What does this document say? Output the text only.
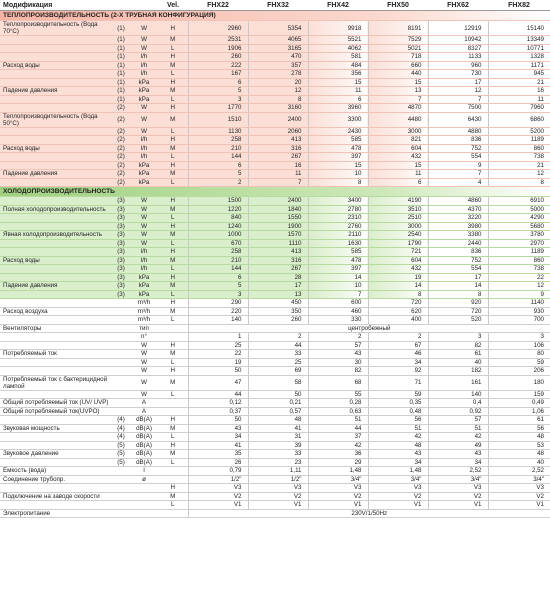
Модификация			Vel.	FHX22	FHX32	FHX42	FHX50	FHX62	FHX82
ТЕПЛОПРОИЗВОДИТЕЛЬНОСТЬ (2-Х ТРУБНАЯ КОНФИГУРАЦИЯ)									
Теплопроизводительность (Вода 70°C)	(1)	W	H	2960	5354	9918	8191	12919	15140
	(1)	W	M	2531	4065	5521	7529	10942	13349
	(1)	W	L	1906	3165	4062	5021	8327	10771
	(1)	l/h	H	260	470	581	718	1133	1328
Расход воды	(1)	l/h	M	222	357	484	660	960	1171
	(1)	l/h	L	167	278	356	440	730	945
	(1)	kPa	H	6	20	15	15	17	21
Падение давления	(1)	kPa	M	5	12	11	13	12	16
	(1)	kPa	L	3	8	6	7	7	11
	(2)	W	H	1770	3160	3960	4870	7500	7960
Теплопроизводительность (Вода 50°C)	(2)	W	M	1510	2400	3300	4480	6430	6860
	(2)	W	L	1130	2060	2430	3000	4880	5200
	(2)	l/h	H	258	413	585	821	836	1189
Расход воды	(2)	l/h	M	210	316	478	604	752	860
	(2)	l/h	L	144	267	397	432	554	738
	(2)	kPa	H	6	16	15	15	9	21
Падение давления	(2)	kPa	M	5	11	10	11	7	12
	(2)	kPa	L	2	7	8	6	4	8
ХОЛОДОПРОИЗВОДИТЕЛЬНОСТЬ									
	(3)	W	H	1500	2400	3400	4190	4860	6910
Полная холодопроизводительность	(3)	W	M	1220	1840	2780	3510	4370	5000
	(3)	W	L	840	1550	2310	2510	3220	4290
	(3)	W	H	1240	1900	2760	3000	3980	5680
Явная холодопроизводительность	(3)	W	M	1000	1570	2110	2540	3380	3780
	(3)	W	L	670	1110	1630	1790	2440	2970
	(3)	l/h	H	258	413	585	721	836	1189
Расход воды	(3)	l/h	M	210	316	478	604	752	860
	(3)	l/h	L	144	267	397	432	554	738
	(3)	kPa	H	6	28	14	19	17	22
Падение давления	(3)	kPa	M	5	17	10	14	14	12
	(3)	kPa	L	3	13	7	8	8	9
		m³/h	H	290	450	600	720	920	1140
Расход воздуха		m³/h	M	220	350	460	620	720	930
		m³/h	L	140	260	330	400	520	700
Вентиляторы		тип		центробежный					
		n°		1	2	2	2	3	3
		W	H	25	44	57	67	82	106
Потребляемый ток		W	M	22	33	43	46	61	80
		W	L	19	25	30	34	40	59
		W	H	50	69	82	92	182	206
Потребляемый ток с бактерицидной лампой		W	M	47	58	68	71	161	180
		W	L	44	50	55	59	140	159
Общий потребляемый ток (UV/ UVP)		A		0,12	0,21	0,28	0,35	0,4	0,49
Общий потребляемый ток(UVPO)		A		0,37	0,57	0,63	0,48	0,92	1,06
	(4)	dB(A)	H	50	48	51	56	57	61
Звуковая мощность	(4)	dB(A)	M	43	41	44	51	51	56
	(4)	dB(A)	L	34	31	37	42	42	48
	(5)	dB(A)	H	41	39	42	48	49	53
Звуковое давление	(5)	dB(A)	M	35	33	36	43	43	48
	(5)	dB(A)	L	26	23	29	34	34	40
Емкость (вода)		l		0,79	1,11	1,48	1,48	2,52	2,52
Соединение трубопр.		ø		1/2"	1/2"	3/4"	3/4"	3/4"	3/4"
			H	V3	V3	V3	V3	V3	V3
Подключение на заводе скорости			M	V2	V2	V2	V2	V2	V2
			L	V1	V1	V1	V1	V1	V1
Электропитание				230V/1/50Hz					
